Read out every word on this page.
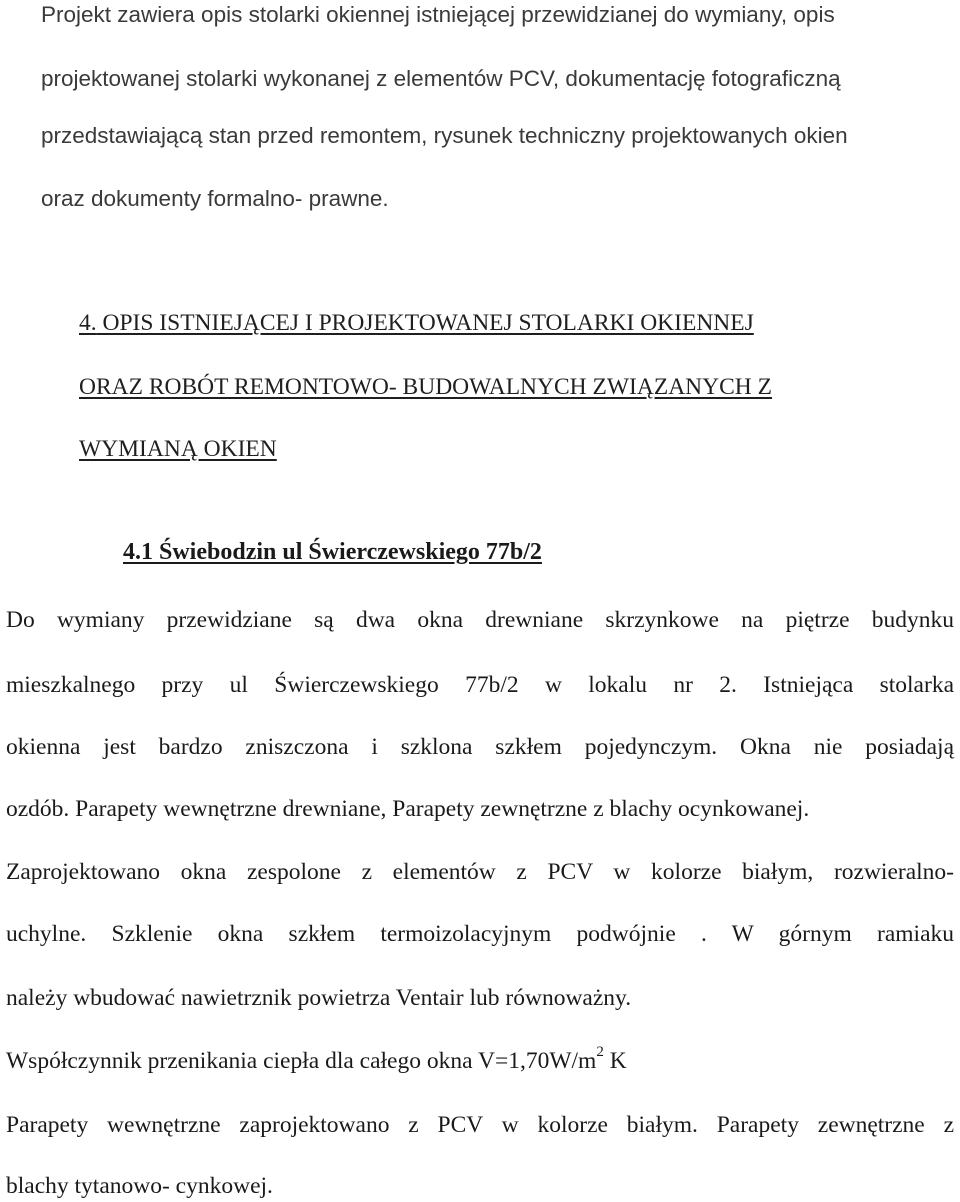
Projekt zawiera opis stolarki okiennej istniejącej przewidzianej do wymiany, opis
projektowanej stolarki wykonanej z elementów PCV, dokumentację fotograficzną
przedstawiającą stan przed remontem, rysunek techniczny projektowanych okien
oraz dokumenty formalno- prawne.
4. OPIS ISTNIEJĄCEJ I PROJEKTOWANEJ STOLARKI OKIENNEJ
ORAZ ROBÓT REMONTOWO- BUDOWALNYCH ZWIĄZANYCH Z
WYMIANĄ OKIEN
4.1 Świebodzin ul Świerczewskiego 77b/2
Do wymiany przewidziane są dwa okna drewniane skrzynkowe na piętrze budynku
mieszkalnego przy ul Świerczewskiego 77b/2 w lokalu nr 2. Istniejąca stolarka
okienna jest bardzo zniszczona i szklona szkłem pojedynczym. Okna nie posiadają
ozdób. Parapety wewnętrzne drewniane, Parapety zewnętrzne z blachy ocynkowanej.
Zaprojektowano okna zespolone z elementów z PCV w kolorze białym, rozwieralno-
uchylne. Szklenie okna szkłem termoizolacyjnym podwójnie . W górnym ramiaku
należy wbudować nawietrznik powietrza Ventair lub równoważny.
Współczynnik przenikania ciepła dla całego okna $V=1,70W/m^2$ K
Parapety wewnętrzne zaprojektowano z PCV w kolorze białym. Parapety zewnętrzne z
blachy tytanowo- cynkowej.
